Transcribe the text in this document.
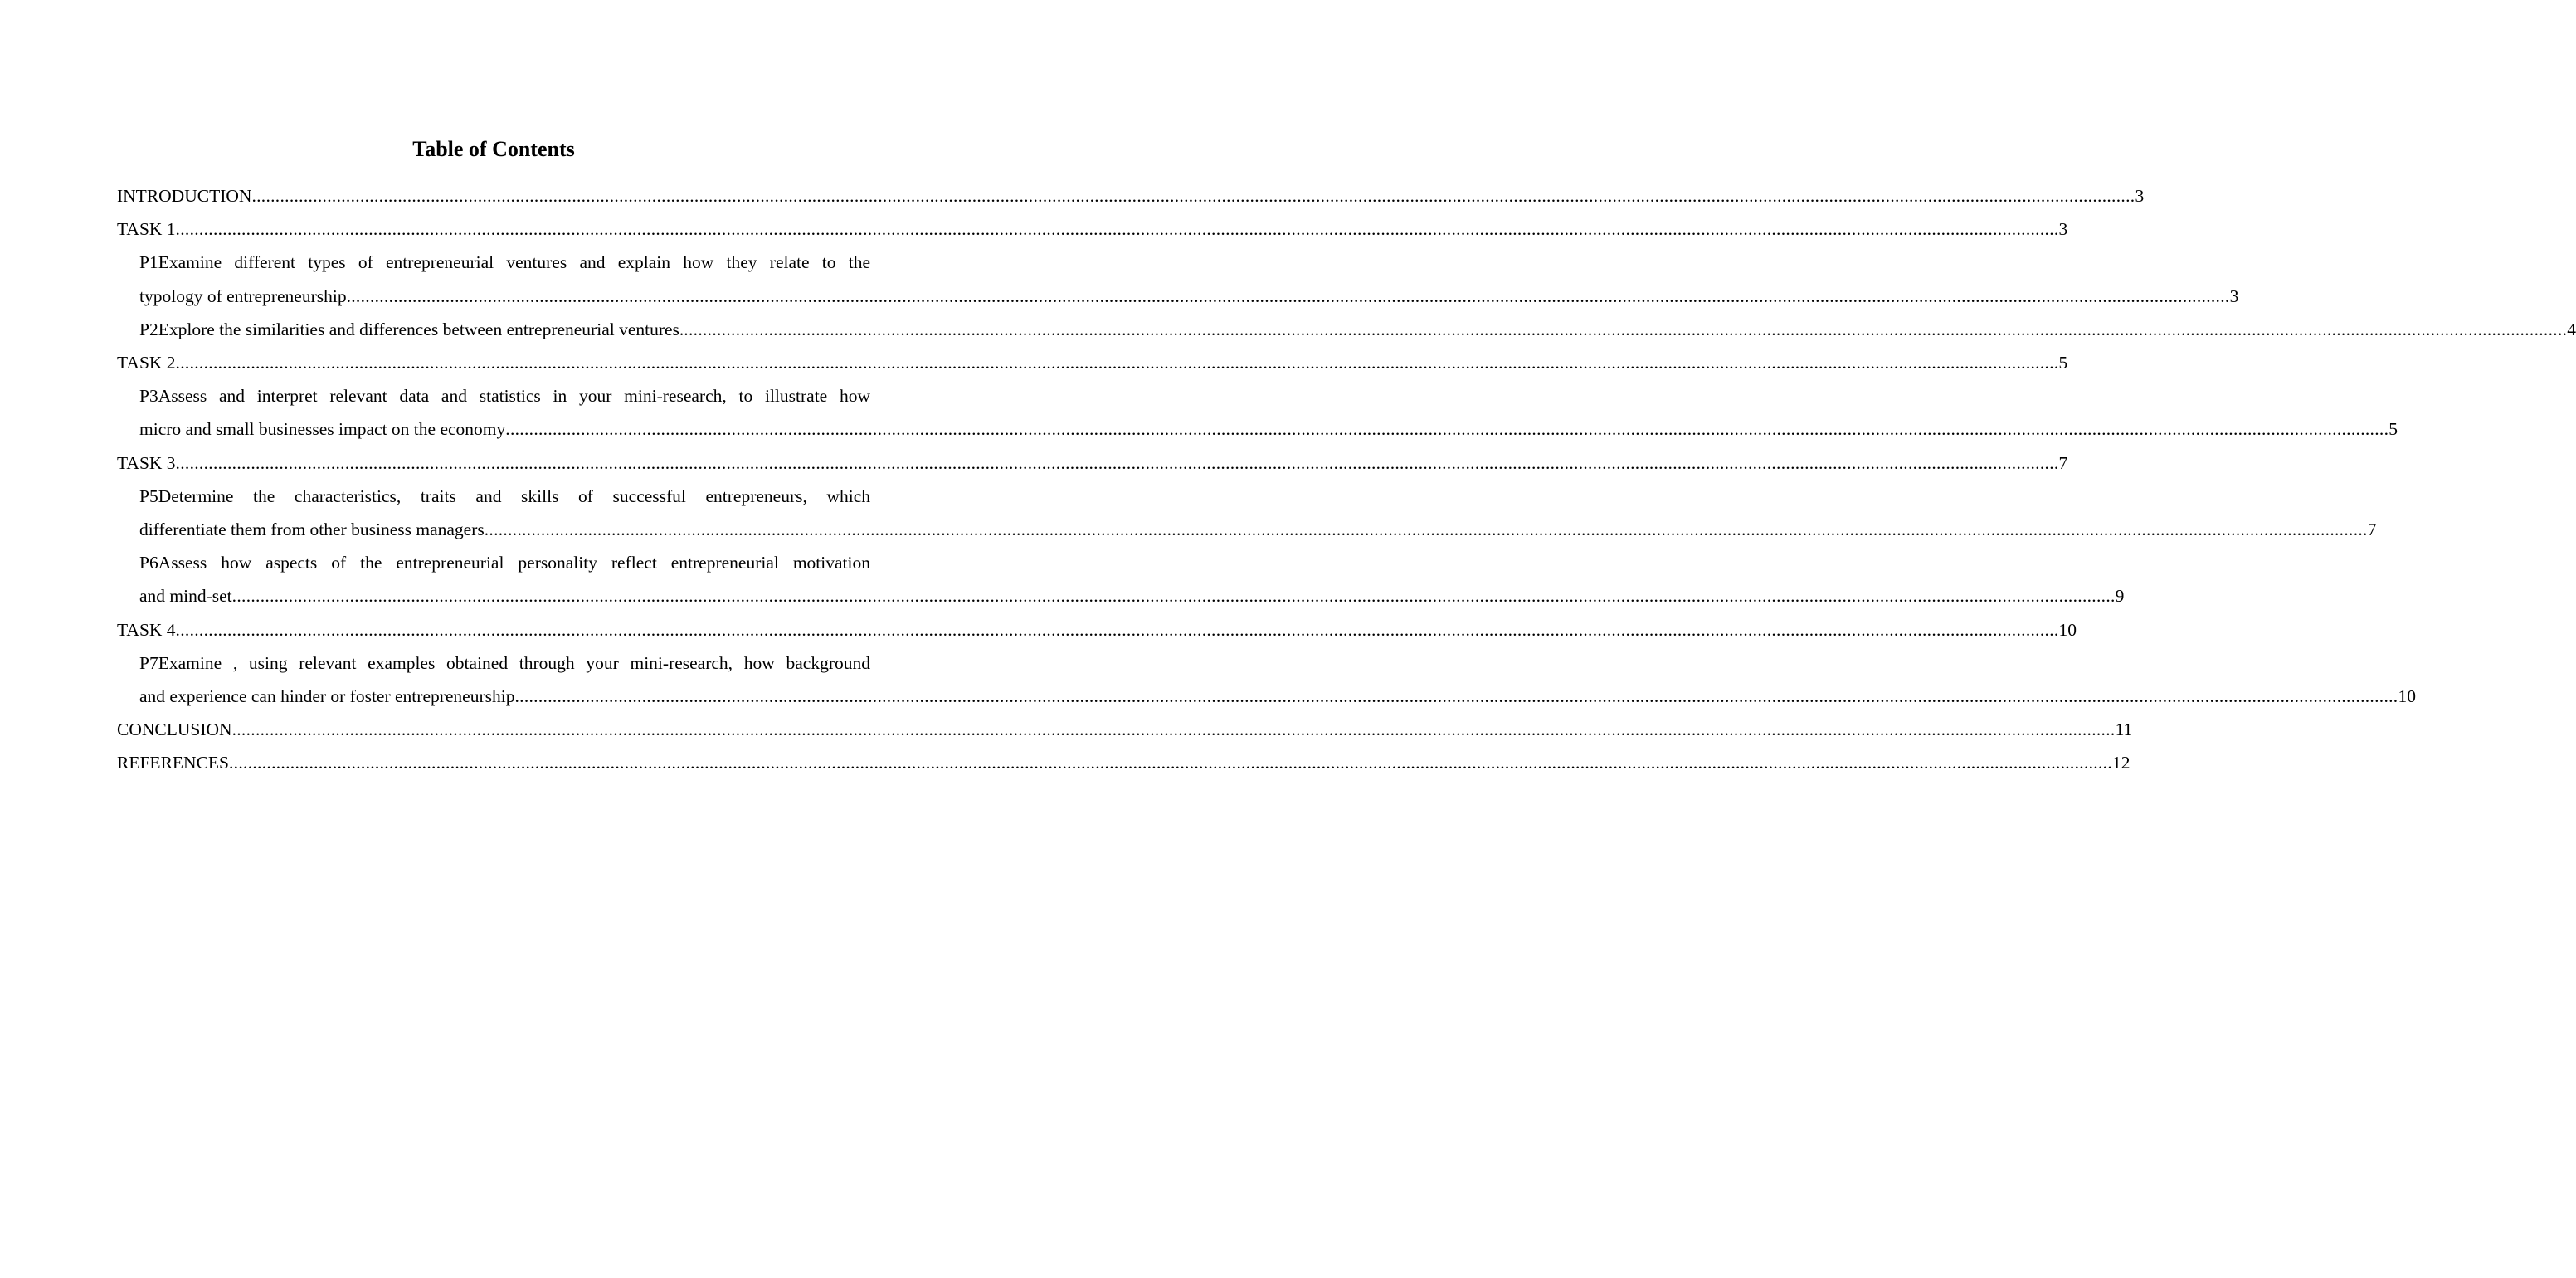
Table of Contents
INTRODUCTION ................................................................................................................................................................................................................................................................................................................................................................................................................ 3
TASK 1 ................................................................................................................................................................................................................................................................................................................................................................................................................ 3
P1Examine different types of entrepreneurial ventures and explain how they relate to the
typology of entrepreneurship ................................................................................................................................................................................................................................................................................................................................................................................................................ 3
P2Explore the similarities and differences between entrepreneurial ventures. ................................................................................................................................................................................................................................................................................................................................................................................................................ 4
TASK 2 ................................................................................................................................................................................................................................................................................................................................................................................................................ 5
P3Assess and interpret relevant data and statistics in your mini-research, to illustrate how
micro and small businesses impact on the economy ................................................................................................................................................................................................................................................................................................................................................................................................................ 5
TASK 3 ................................................................................................................................................................................................................................................................................................................................................................................................................ 7
P5Determine the characteristics, traits and skills of successful entrepreneurs, which
differentiate them from other business managers ................................................................................................................................................................................................................................................................................................................................................................................................................ 7
P6Assess how aspects of the entrepreneurial personality reflect entrepreneurial motivation
and mind-set ................................................................................................................................................................................................................................................................................................................................................................................................................ 9
TASK 4 ................................................................................................................................................................................................................................................................................................................................................................................................................ 10
P7Examine , using relevant examples obtained through your mini-research, how background
and experience can hinder or foster entrepreneurship ................................................................................................................................................................................................................................................................................................................................................................................................................ 10
CONCLUSION ................................................................................................................................................................................................................................................................................................................................................................................................................ 11
REFERENCES ................................................................................................................................................................................................................................................................................................................................................................................................................ 12
